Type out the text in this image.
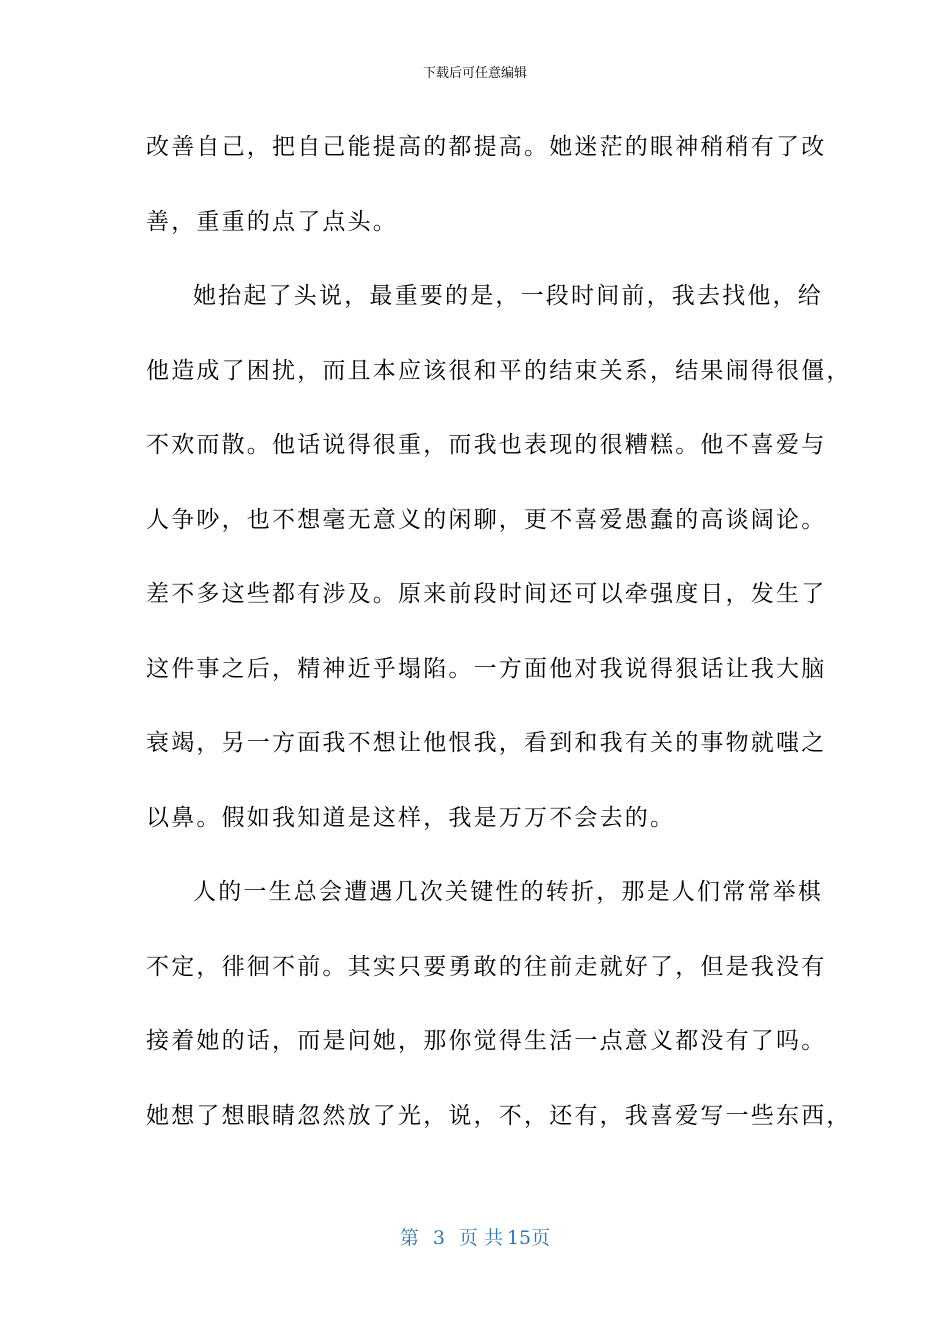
下载后可任意编辑
改善自己，把自己能提高的都提高。她迷茫的眼神稍稍有了改
善，重重的点了点头。
她抬起了头说，最重要的是，一段时间前，我去找他，给
他造成了困扰，而且本应该很和平的结束关系，结果闹得很僵，
不欢而散。他话说得很重，而我也表现的很糟糕。他不喜爱与
人争吵，也不想毫无意义的闲聊，更不喜爱愚蠢的高谈阔论。
差不多这些都有涉及。原来前段时间还可以牵强度日，发生了
这件事之后，精神近乎塌陷。一方面他对我说得狠话让我大脑
衰竭，另一方面我不想让他恨我，看到和我有关的事物就嗤之
以鼻。假如我知道是这样，我是万万不会去的。
人的一生总会遭遇几次关键性的转折，那是人们常常举棋
不定，徘徊不前。其实只要勇敢的往前走就好了，但是我没有
接着她的话，而是问她，那你觉得生活一点意义都没有了吗。
她想了想眼睛忽然放了光，说，不，还有，我喜爱写一些东西，
第 3 页 共 15页
